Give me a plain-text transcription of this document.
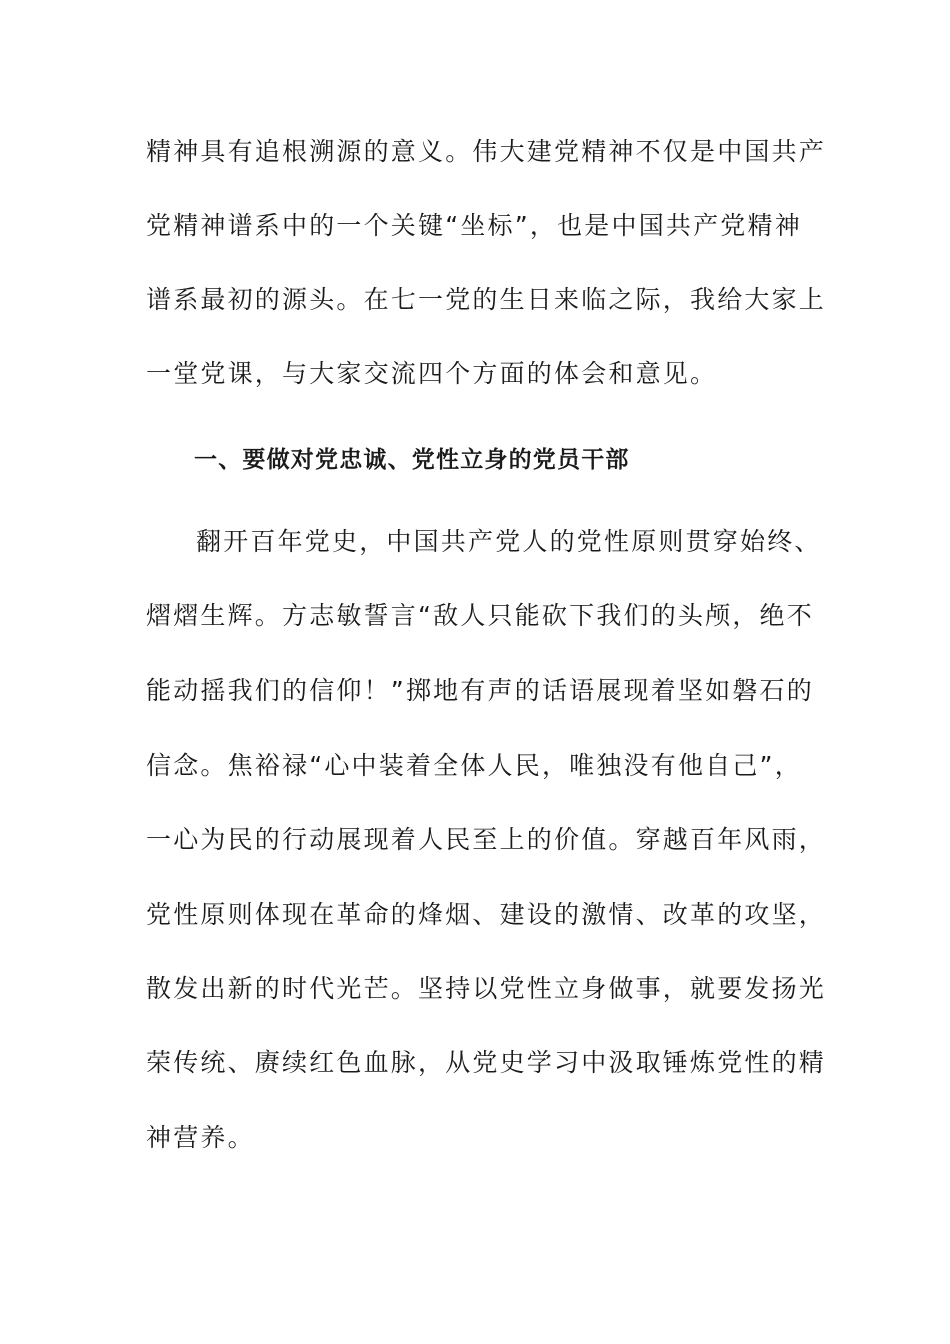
精神具有追根溯源的意义。伟大建党精神不仅是中国共产
党精神谱系中的一个关键“坐标”，也是中国共产党精神
谱系最初的源头。在七一党的生日来临之际，我给大家上
一堂党课，与大家交流四个方面的体会和意见。
一、要做对党忠诚、党性立身的党员干部
翻开百年党史，中国共产党人的党性原则贯穿始终、
熠熠生辉。方志敏誓言“敌人只能砍下我们的头颅，绝不
能动摇我们的信仰！”掷地有声的话语展现着坚如磐石的
信念。焦裕禄“心中装着全体人民，唯独没有他自己”，
一心为民的行动展现着人民至上的价值。穿越百年风雨，
党性原则体现在革命的烽烟、建设的激情、改革的攻坚，
散发出新的时代光芒。坚持以党性立身做事，就要发扬光
荣传统、赓续红色血脉，从党史学习中汲取锤炼党性的精
神营养。
